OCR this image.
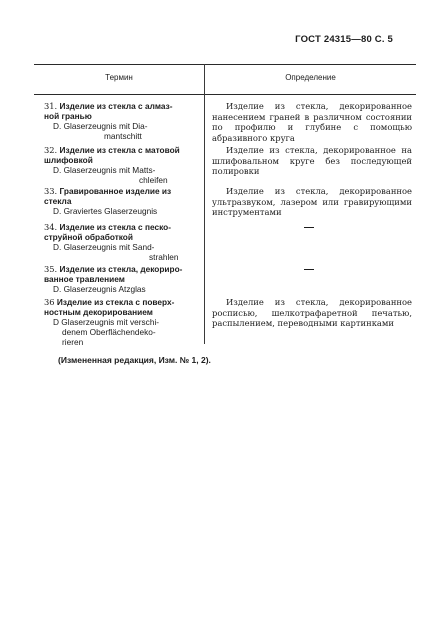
ГОСТ 24315—80 С. 5
Термин	Определение
31. Изделие из стекла с алмаз-
ной гранью
D. Glaserzeugnis mit Dia-
mantschitt
Изделие из стекла, декорированное нанесением граней в различном состоянии по профилю и глубине с помощью абразивного круга
32. Изделие из стекла с матовой
шлифовкой
D. Glaserzeugnis mit Matts-
chleifen
Изделие из стекла, декорированное на шлифовальном круге без последующей полировки
33. Гравированное изделие из
стекла
D. Graviertes Glaserzeugnis
Изделие из стекла, декорированное ультразвуком, лазером или гравирующими инструментами
34. Изделие из стекла с песко-
струйной обработкой
D. Glaserzeugnis mit Sand-
strahlen
—
35. Изделие из стекла, декориро-
ванное травлением
D. Glaserzeugnis Atzglas
—
36 Изделие из стекла с поверх-
ностным декорированием
D Glaserzeugnis mit verschi-
denem Oberflächendeko-
rieren
Изделие из стекла, декорированное росписью, шелкотрафаретной печатью, распылением, переводными картинками
(Измененная редакция, Изм. № 1, 2).
